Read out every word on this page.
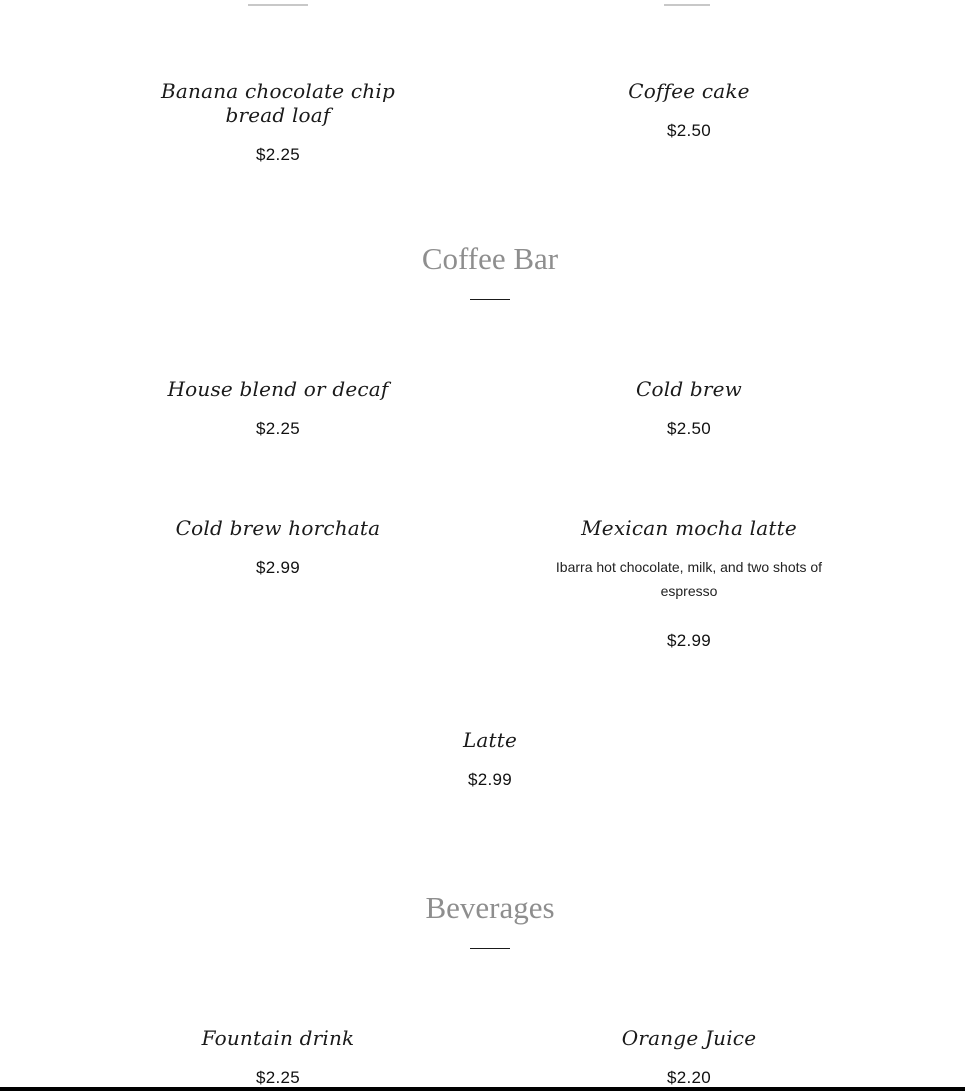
Banana chocolate chip bread loaf
$2.25
Coffee cake
$2.50
Coffee Bar
House blend or decaf
$2.25
Cold brew
$2.50
Cold brew horchata
$2.99
Mexican mocha latte
Ibarra hot chocolate, milk, and two shots of espresso
$2.99
Latte
$2.99
Beverages
Fountain drink
$2.25
Orange Juice
$2.20
